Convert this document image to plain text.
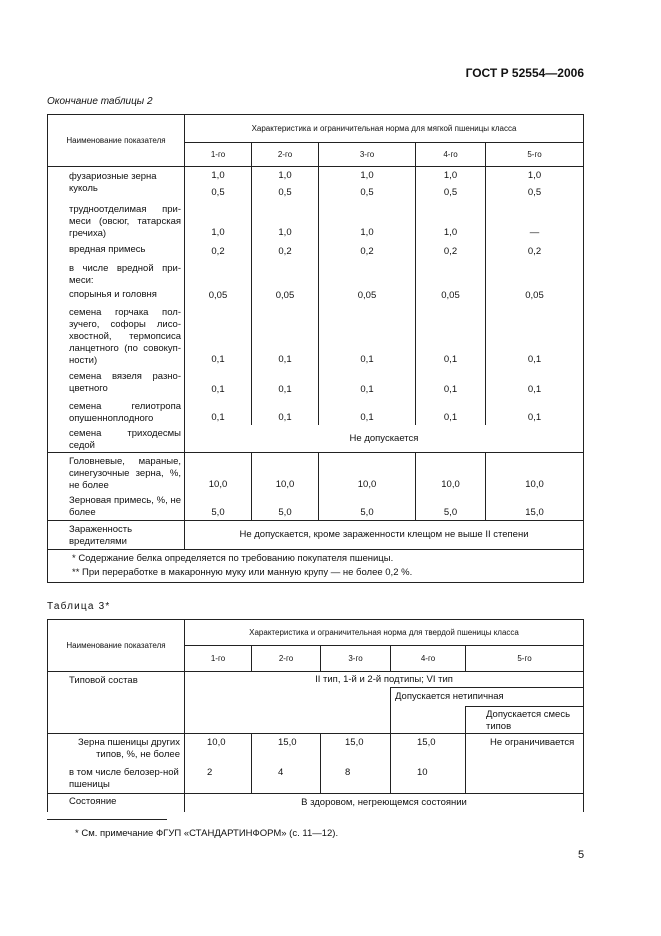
ГОСТ Р 52554—2006
Окончание таблицы 2
Наименование показателя	Характеристика и ограничительная норма для мягкой пшеницы класса				
	1-го	2-го	3-го	4-го	5-го
фузариозные зерна	1,0	1,0	1,0	1,0	1,0
куколь	0,5	0,5	0,5	0,5	0,5
трудноотделимая при-меси (овсюг, татарская гречиха)	1,0	1,0	1,0	1,0	—
вредная примесь	0,2	0,2	0,2	0,2	0,2
в числе вредной при-меси:					
спорынья и головня	0,05	0,05	0,05	0,05	0,05
семена горчака пол-зучего, софоры лисо-хвостной, термопсиса ланцетного (по совокуп-ности)	0,1	0,1	0,1	0,1	0,1
семена вязеля разно-цветного	0,1	0,1	0,1	0,1	0,1
семена гелиотропа опушенноплодного	0,1	0,1	0,1	0,1	0,1
семена триходесмы седой	Не допускается				
Головневые, мараные, синегузочные зерна, %, не более	10,0	10,0	10,0	10,0	10,0
Зерновая примесь, %, не более	5,0	5,0	5,0	5,0	15,0
Зараженность вредителями	Не допускается, кроме зараженности клещом не выше II степени				

* Содержание белка определяется по требованию покупателя пшеницы.
** При переработке в макаронную муку или манную крупу — не более 0,2 %.					
Таблица 3*
Наименование показателя	Характеристика и ограничительная норма для твердой пшеницы класса				
	1-го	2-го	3-го	4-го	5-го
Типовой состав	II тип, 1-й и 2-й подтипы; VI тип				
				Допускается нетипичная	
					Допускается смесь типов
Зерна пшеницы других типов, %, не более	10,0	15,0	15,0	15,0	Не ограничивается
в том числе белозер-ной пшеницы	2	4	8	10	
Состояние	В здоровом, негреющемся состоянии				
* См. примечание ФГУП «СТАНДАРТИНФОРМ» (с. 11—12).
5
